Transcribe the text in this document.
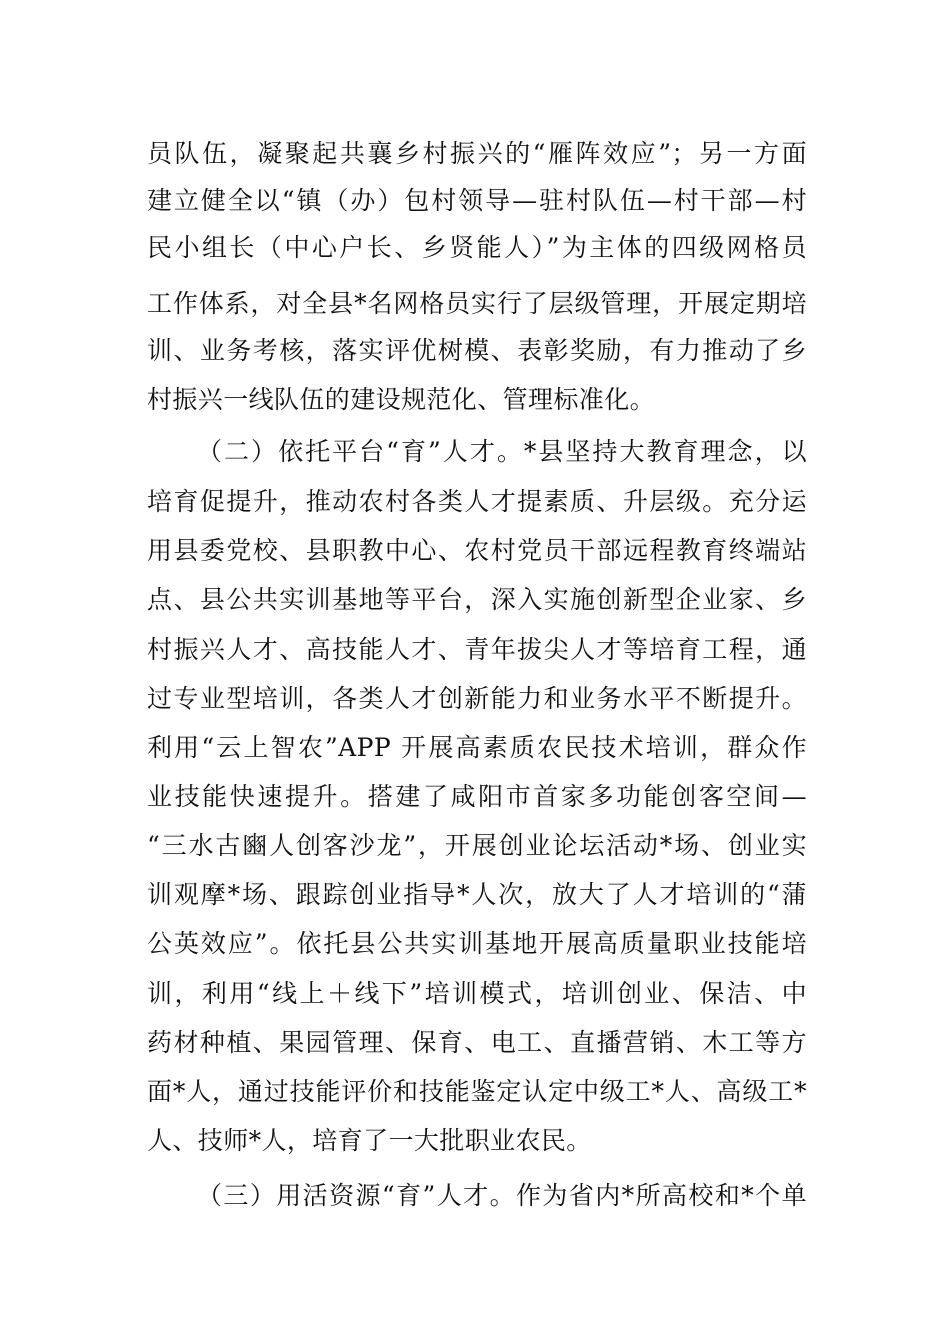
员队伍，凝聚起共襄乡村振兴的“雁阵效应”；另一方面
建立健全以“镇（办）包村领导—驻村队伍—村干部—村
民小组长（中心户长、乡贤能人）”为主体的四级网格员
工作体系，对全县*名网格员实行了层级管理，开展定期培
训、业务考核，落实评优树模、表彰奖励，有力推动了乡
村振兴一线队伍的建设规范化、管理标准化。
（二）依托平台“育”人才。*县坚持大教育理念，以
培育促提升，推动农村各类人才提素质、升层级。充分运
用县委党校、县职教中心、农村党员干部远程教育终端站
点、县公共实训基地等平台，深入实施创新型企业家、乡
村振兴人才、高技能人才、青年拔尖人才等培育工程，通
过专业型培训，各类人才创新能力和业务水平不断提升。
利用“云上智农”APP 开展高素质农民技术培训，群众作
业技能快速提升。搭建了咸阳市首家多功能创客空间—
“三水古豳人创客沙龙”，开展创业论坛活动*场、创业实
训观摩*场、跟踪创业指导*人次，放大了人才培训的“蒲
公英效应”。依托县公共实训基地开展高质量职业技能培
训，利用“线上＋线下”培训模式，培训创业、保洁、中
药材种植、果园管理、保育、电工、直播营销、木工等方
面*人，通过技能评价和技能鉴定认定中级工*人、高级工*
人、技师*人，培育了一大批职业农民。
（三）用活资源“育”人才。作为省内*所高校和*个单
